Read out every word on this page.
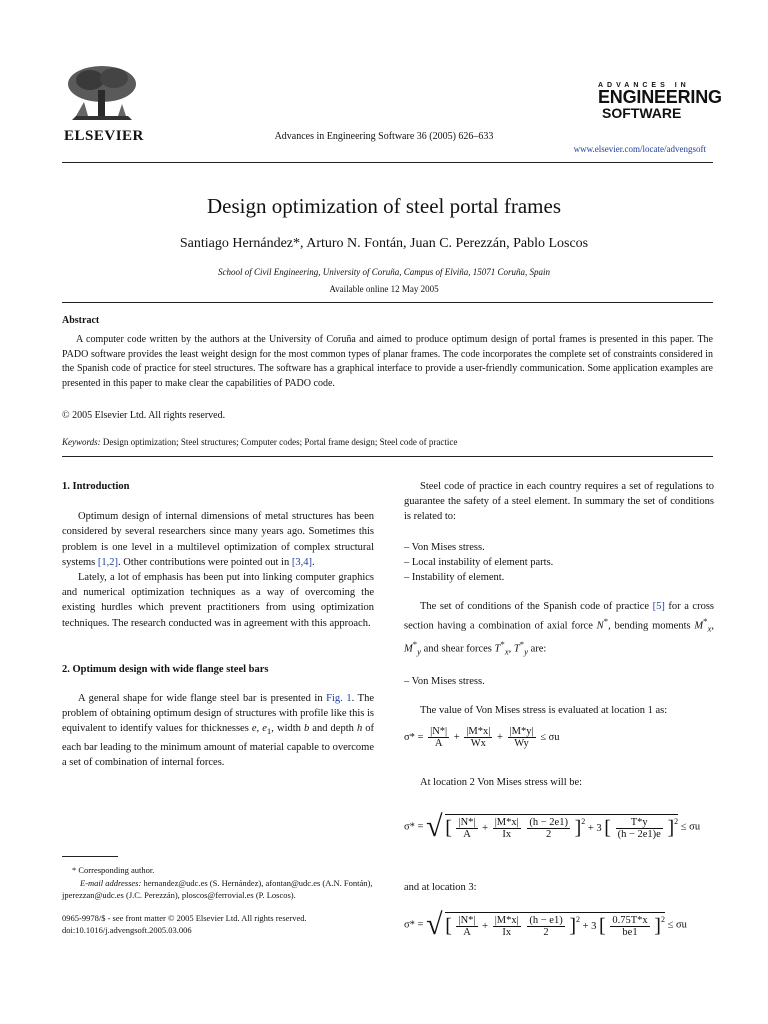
ELSEVIER	Advances in Engineering Software 36 (2005) 626–633
ADVANCES IN
ENGINEERING
SOFTWARE
www.elsevier.com/locate/advengsoft
Design optimization of steel portal frames
Santiago Hernández*, Arturo N. Fontán, Juan C. Perezzán, Pablo Loscos
School of Civil Engineering, University of Coruña, Campus of Elviña, 15071 Coruña, Spain
Available online 12 May 2005
Abstract

A computer code written by the authors at the University of Coruña and aimed to produce optimum design of portal frames is presented in this paper. The PADO software provides the least weight design for the most common types of planar frames. The code incorporates the complete set of constraints considered in the Spanish code of practice for steel structures. The software has a graphical interface to provide a user-friendly communication. Some application examples are presented in this paper to make clear the capabilities of PADO code.

© 2005 Elsevier Ltd. All rights reserved.
Keywords: Design optimization; Steel structures; Computer codes; Portal frame design; Steel code of practice

1. Introduction

Optimum design of internal dimensions of metal structures has been considered by several researchers since many years ago. Sometimes this problem is one level in a multilevel optimization of complex structural systems [1,2]. Other contributions were pointed out in [3,4].

Lately, a lot of emphasis has been put into linking computer graphics and numerical optimization techniques as a way of overcoming the existing hurdles which prevent practitioners from using optimization techniques. The research conducted was in agreement with this approach.

2. Optimum design with wide flange steel bars

A general shape for wide flange steel bar is presented in Fig. 1. The problem of obtaining optimum design of structures with profile like this is equivalent to identify values for thicknesses e, $e_1$, width b and depth h of each bar leading to the minimum amount of material capable to overcome a set of combination of internal forces.

* Corresponding author.
E-mail addresses: hernandez@udc.es (S. Hernández), afontan@udc.es (A.N. Fontán), jperezzan@udc.es (J.C. Perezzán), ploscos@ferrovial.es (P. Loscos).
0965-9978/$ - see front matter © 2005 Elsevier Ltd. All rights reserved.
doi:10.1016/j.advengsoft.2005.03.006

Steel code of practice in each country requires a set of regulations to guarantee the safety of a steel element. In summary the set of conditions is related to:

– Von Mises stress.
– Local instability of element parts.
– Instability of element.

The set of conditions of the Spanish code of practice [5] for a cross section having a combination of axial force N*, bending moments $M^*_x$, $M^*_y$ and shear forces $T^*_x$, $T^*_y$ are:

– Von Mises stress.

The value of Von Mises stress is evaluated at location 1 as:

$\sigma* = \frac{|N*|}{A} + \frac{|M*x|}{Wx} + \frac{|M*y|}{Wy} \le \sigma u$

At location 2 Von Mises stress will be:

σ* = √ [ $\frac{|N*|}{A} + \frac{|M*x|}{Ix}$
$\frac{(h - 2e1)}{2} ]^2 + 3$ [ $\frac{T*y}{(h - 2e1)e} ]^2 \le \sigma u$

and at location 3:

σ* = √ [ $\frac{|N*|}{A} + \frac{|M*x|}{Ix}$
$\frac{(h - e1)}{2} ]^2 + 3$ [ $\frac{0.75T*x}{be1} ]^2 \le \sigma u$
